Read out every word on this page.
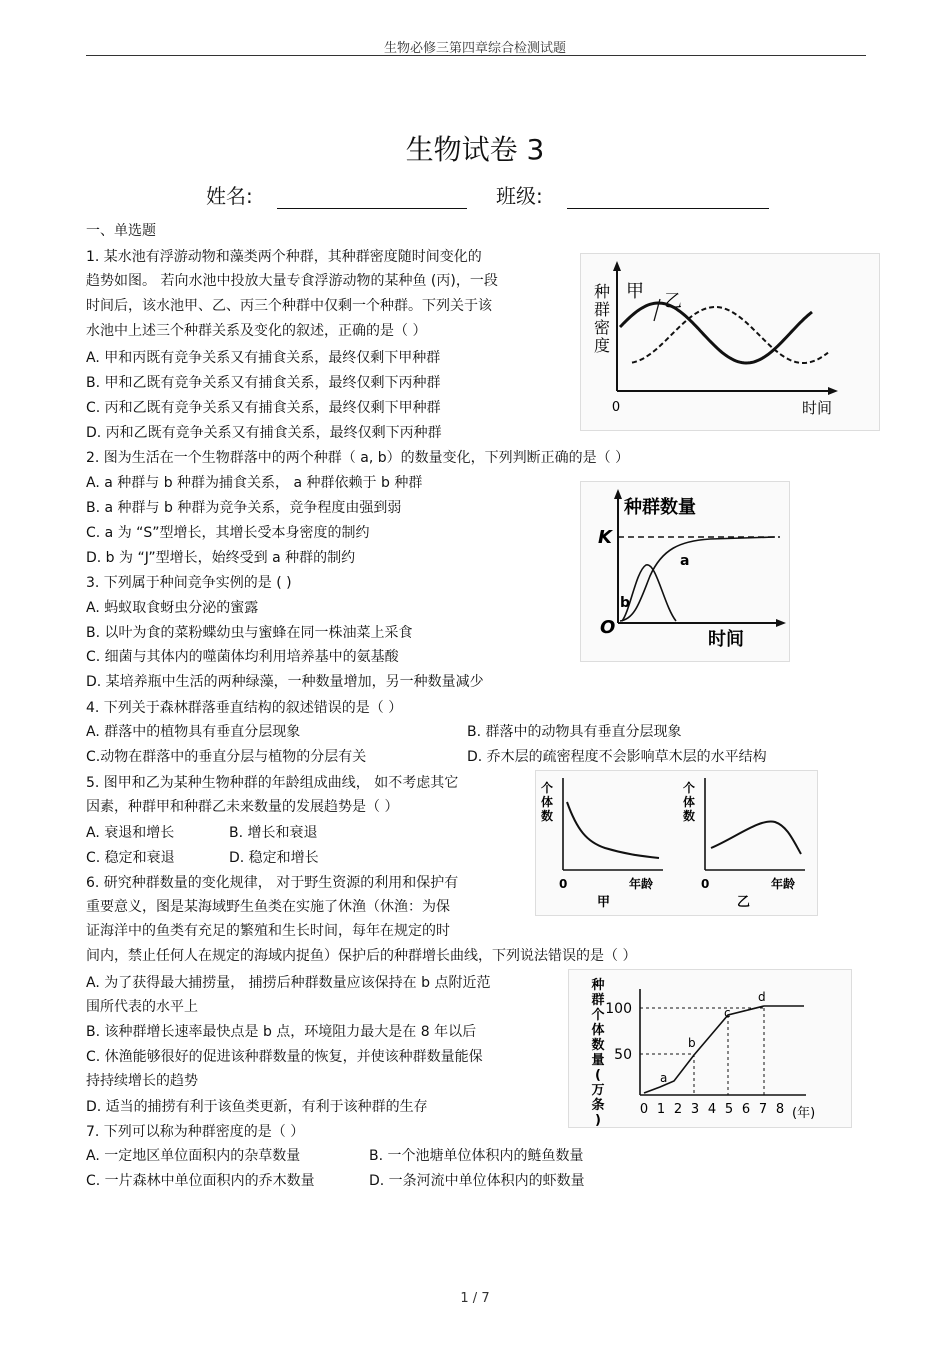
生物必修三第四章综合检测试题
生物试卷 3
姓名:	班级:
一、单选题
1. 某水池有浮游动物和藻类两个种群，其种群密度随时间变化的
趋势如图。 若向水池中投放大量专食浮游动物的某种鱼 (丙)，一段
时间后，该水池甲、乙、丙三个种群中仅剩一个种群。下列关于该
水池中上述三个种群关系及变化的叙述，正确的是（ ）
A. 甲和丙既有竞争关系又有捕食关系，最终仅剩下甲种群
B. 甲和乙既有竞争关系又有捕食关系，最终仅剩下丙种群
C. 丙和乙既有竞争关系又有捕食关系，最终仅剩下甲种群
D. 丙和乙既有竞争关系又有捕食关系，最终仅剩下丙种群
2. 图为生活在一个生物群落中的两个种群（ a, b）的数量变化，下列判断正确的是（ ）
A. a 种群与 b 种群为捕食关系， a 种群依赖于 b 种群
B. a 种群与 b 种群为竞争关系，竞争程度由强到弱
C. a 为 “S”型增长，其增长受本身密度的制约
D. b 为 “J”型增长，始终受到 a 种群的制约
3. 下列属于种间竞争实例的是 ( )
A. 蚂蚁取食蚜虫分泌的蜜露
B. 以叶为食的菜粉蝶幼虫与蜜蜂在同一株油菜上采食
C. 细菌与其体内的噬菌体均利用培养基中的氨基酸
D. 某培养瓶中生活的两种绿藻，一种数量增加，另一种数量减少
4. 下列关于森林群落垂直结构的叙述错误的是（ ）
A. 群落中的植物具有垂直分层现象	B. 群落中的动物具有垂直分层现象
C.动物在群落中的垂直分层与植物的分层有关	D. 乔木层的疏密程度不会影响草木层的水平结构
5. 图甲和乙为某种生物种群的年龄组成曲线， 如不考虑其它
因素，种群甲和种群乙未来数量的发展趋势是（ ）
A. 衰退和增长	B. 增长和衰退
C. 稳定和衰退	D. 稳定和增长
6. 研究种群数量的变化规律， 对于野生资源的利用和保护有
重要意义，图是某海域野生鱼类在实施了休渔（休渔：为保
证海洋中的鱼类有充足的繁殖和生长时间，每年在规定的时
间内，禁止任何人在规定的海域内捉鱼）保护后的种群增长曲线，下列说法错误的是（ ）
A. 为了获得最大捕捞量， 捕捞后种群数量应该保持在 b 点附近范
围所代表的水平上
B. 该种群增长速率最快点是 b 点，环境阻力最大是在 8 年以后
C. 休渔能够很好的促进该种群数量的恢复，并使该种群数量能保
持持续增长的趋势
D. 适当的捕捞有利于该鱼类更新，有利于该种群的生存
7. 下列可以称为种群密度的是（ ）
A. 一定地区单位面积内的杂草数量	B. 一个池塘单位体积内的鲢鱼数量
C. 一片森林中单位面积内的乔木数量	D. 一条河流中单位体积内的虾数量
种
群
密
度
0	时间
甲 乙
种群数量
K
O
时间
a
b
个
体
数
0	年龄
甲
个
体
数
0	年龄
乙
种
群
个
体
数
量
(
万
条
)
100
50
0 1 2 3 4 5 6 7 8 (年)
a
b
c
d
1 / 7
